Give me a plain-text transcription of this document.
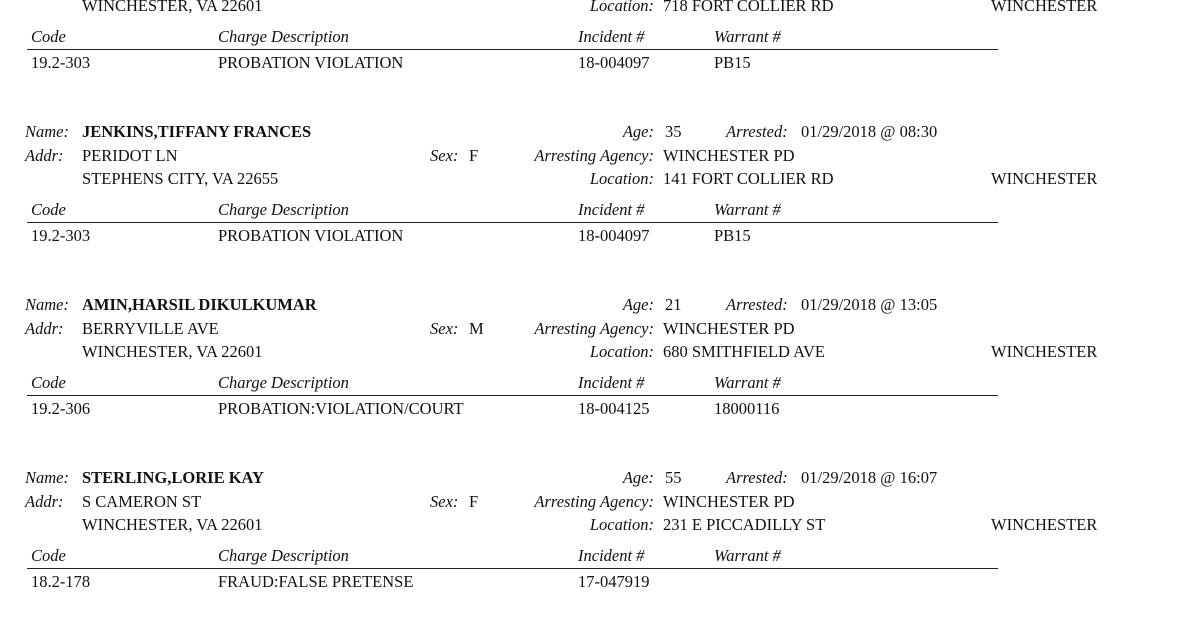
WINCHESTER, VA 22601	Location: 718 FORT COLLIER RD	WINCHESTER
Code	Charge Description	Incident #	Warrant #
19.2-303	PROBATION VIOLATION	18-004097	PB15
Name: JENKINS,TIFFANY FRANCES	Age: 35	Arrested: 01/29/2018 @ 08:30
Addr: PERIDOT LN	Sex: F	Arresting Agency: WINCHESTER PD
STEPHENS CITY, VA 22655	Location: 141 FORT COLLIER RD	WINCHESTER
Code	Charge Description	Incident #	Warrant #
19.2-303	PROBATION VIOLATION	18-004097	PB15
Name: AMIN,HARSIL DIKULKUMAR	Age: 21	Arrested: 01/29/2018 @ 13:05
Addr: BERRYVILLE AVE	Sex: M	Arresting Agency: WINCHESTER PD
WINCHESTER, VA 22601	Location: 680 SMITHFIELD AVE	WINCHESTER
Code	Charge Description	Incident #	Warrant #
19.2-306	PROBATION:VIOLATION/COURT	18-004125	18000116
Name: STERLING,LORIE KAY	Age: 55	Arrested: 01/29/2018 @ 16:07
Addr: S CAMERON ST	Sex: F	Arresting Agency: WINCHESTER PD
WINCHESTER, VA 22601	Location: 231 E PICCADILLY ST	WINCHESTER
Code	Charge Description	Incident #	Warrant #
18.2-178	FRAUD:FALSE PRETENSE	17-047919
